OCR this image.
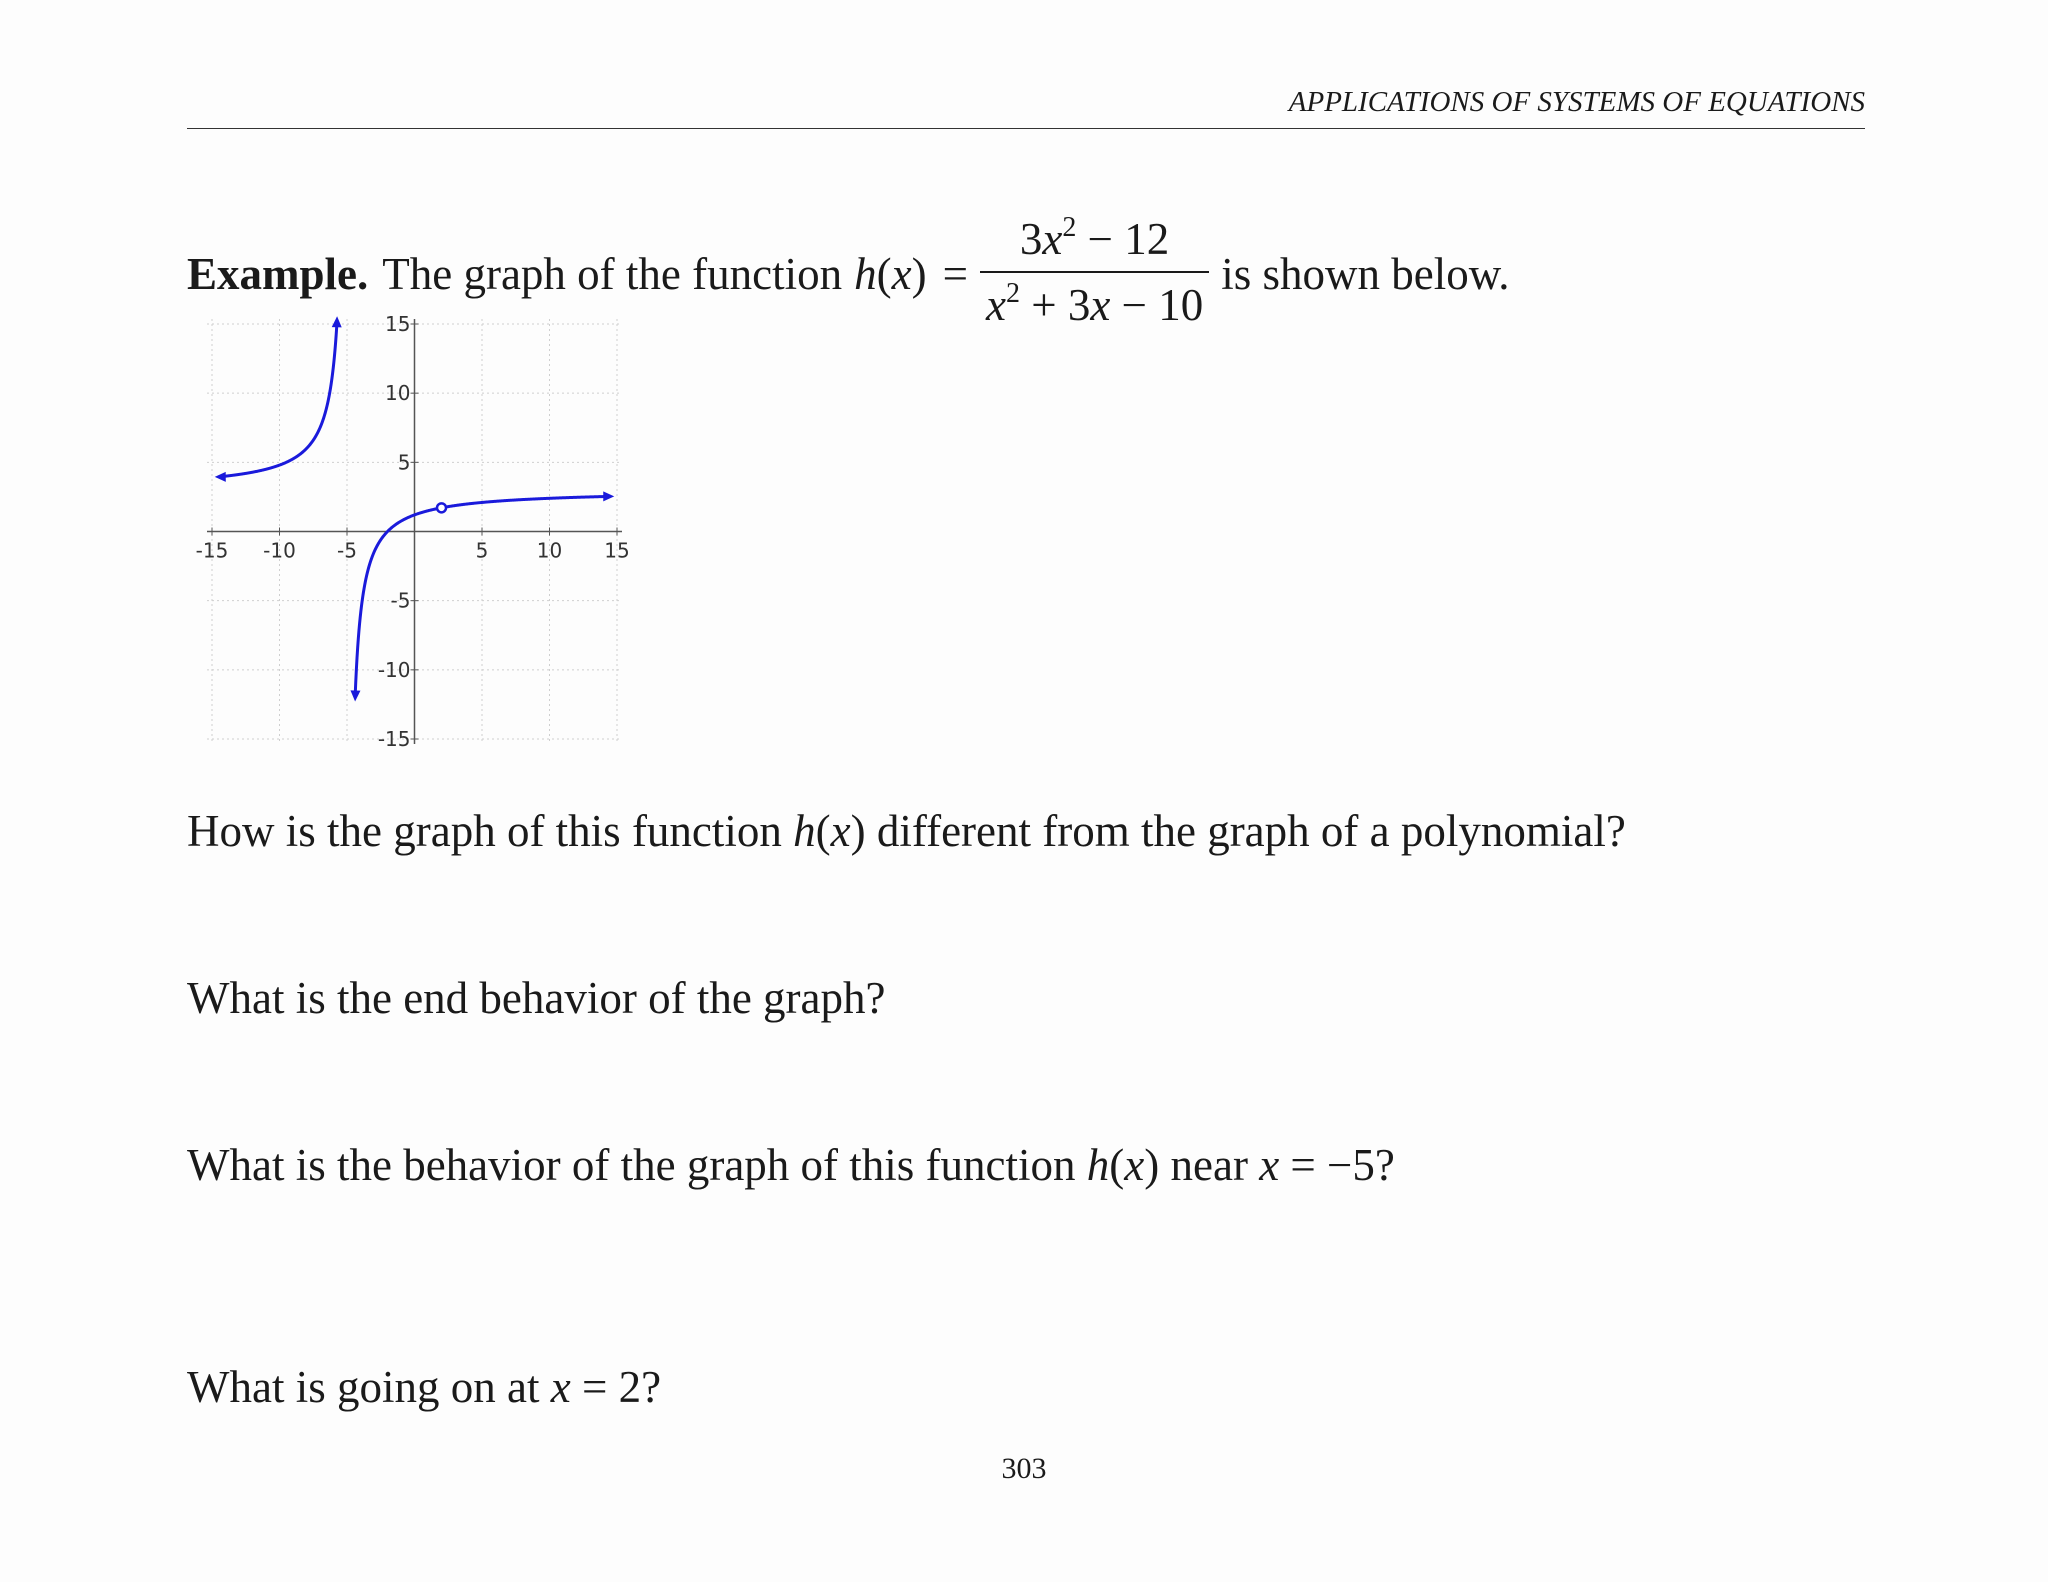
APPLICATIONS OF SYSTEMS OF EQUATIONS
Example. The graph of the function $h(x) = \frac{3x^2 - 12}{x^2 + 3x - 10}$ is shown below.
-15 -10 -5	5 10 15
15
10
5
-5
-10
-15
How is the graph of this function h(x) different from the graph of a polynomial?
What is the end behavior of the graph?
What is the behavior of the graph of this function h(x) near x = −5?
What is going on at x = 2?
303
